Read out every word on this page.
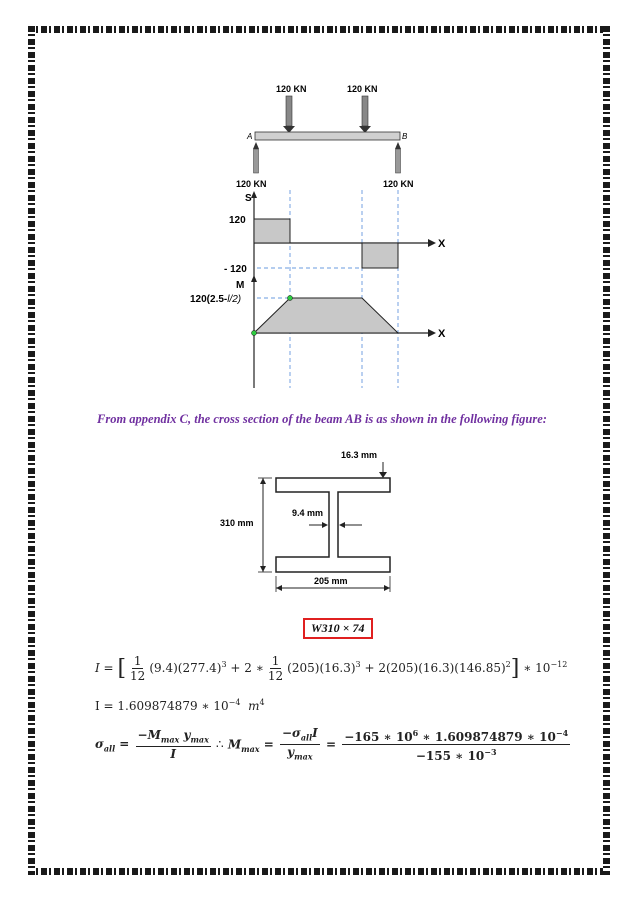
120 KN	120 KN
A	B
120 KN	120 KN
S
X
120
- 120
M
X
120(2.5-l/2)
From appendix C, the cross section of the beam AB is as shown in the following figure:
16.3 mm
9.4 mm
310 mm
205 mm
W310 × 74
I = [ $\frac{1}{12} (9.4)(277.4)^3 + 2$ ∗ $\frac{1}{12} (205)(16.3)^3 + 2(205)(16.3)(146.85)^2$] ∗ $10^{-12}$
I = 1.609874879 ∗ $10^{-4}$ $m^4$
$\sigma_{all} = \frac{-M_{max} y_{max}}{I}$ ∴ $M_{max} = \frac{-\sigma_{all}I}{y_{max}} = \frac{-165 ∗ 10^6 ∗ 1.609874879 ∗ 10^{-4}}{-155 ∗ 10^{-3}}$
